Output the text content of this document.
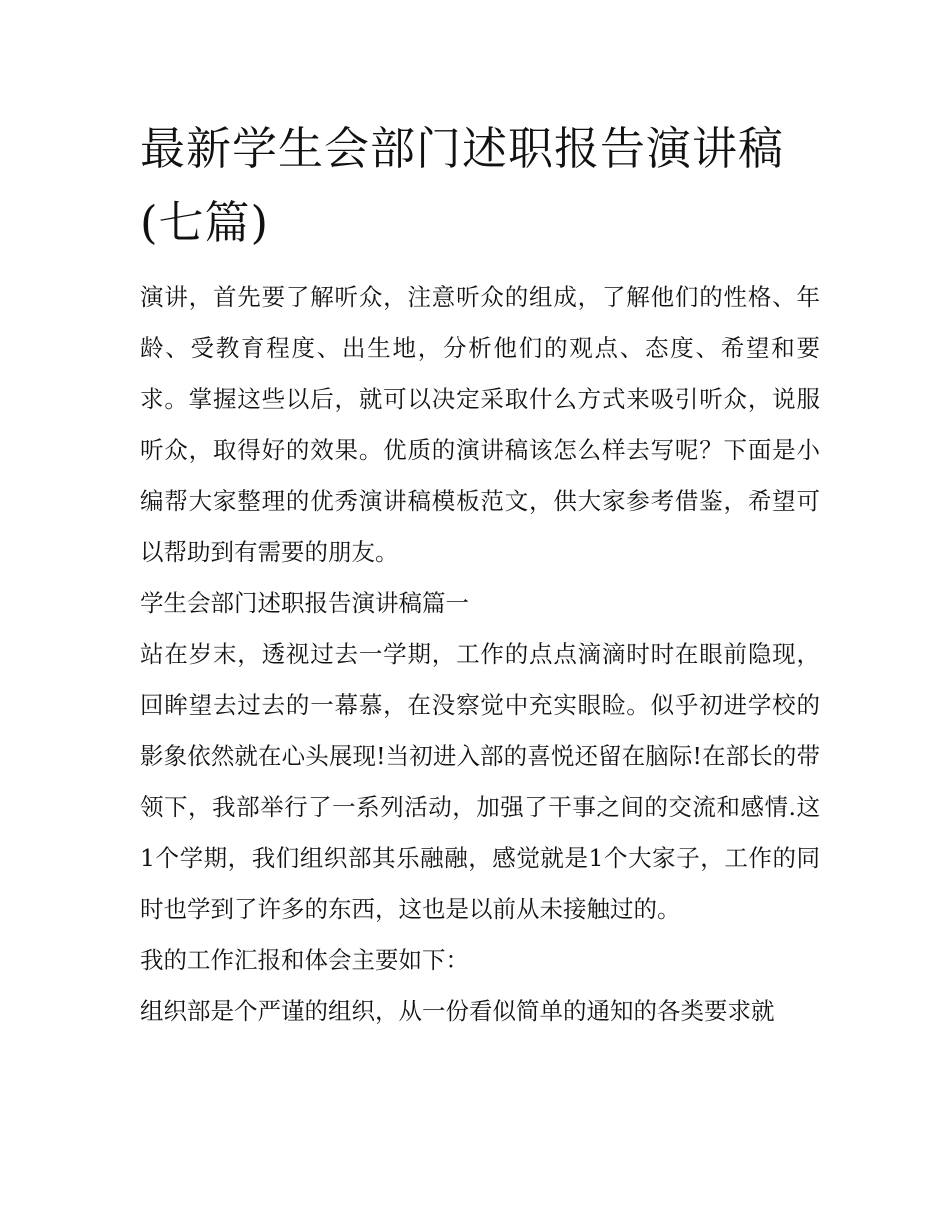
最新学生会部门述职报告演讲稿(七篇)

演讲，首先要了解听众，注意听众的组成，了解他们的性格、年龄、受教育程度、出生地，分析他们的观点、态度、希望和要求。掌握这些以后，就可以决定采取什么方式来吸引听众，说服听众，取得好的效果。优质的演讲稿该怎么样去写呢？下面是小编帮大家整理的优秀演讲稿模板范文，供大家参考借鉴，希望可以帮助到有需要的朋友。

学生会部门述职报告演讲稿篇一

站在岁末，透视过去一学期，工作的点点滴滴时时在眼前隐现，回眸望去过去的一幕慕，在没察觉中充实眼睑。似乎初进学校的影象依然就在心头展现!当初进入部的喜悦还留在脑际!在部长的带领下，我部举行了一系列活动，加强了干事之间的交流和感情.这1个学期，我们组织部其乐融融，感觉就是1个大家子，工作的同时也学到了许多的东西，这也是以前从未接触过的。

我的工作汇报和体会主要如下：

组织部是个严谨的组织，从一份看似简单的通知的各类要求就
